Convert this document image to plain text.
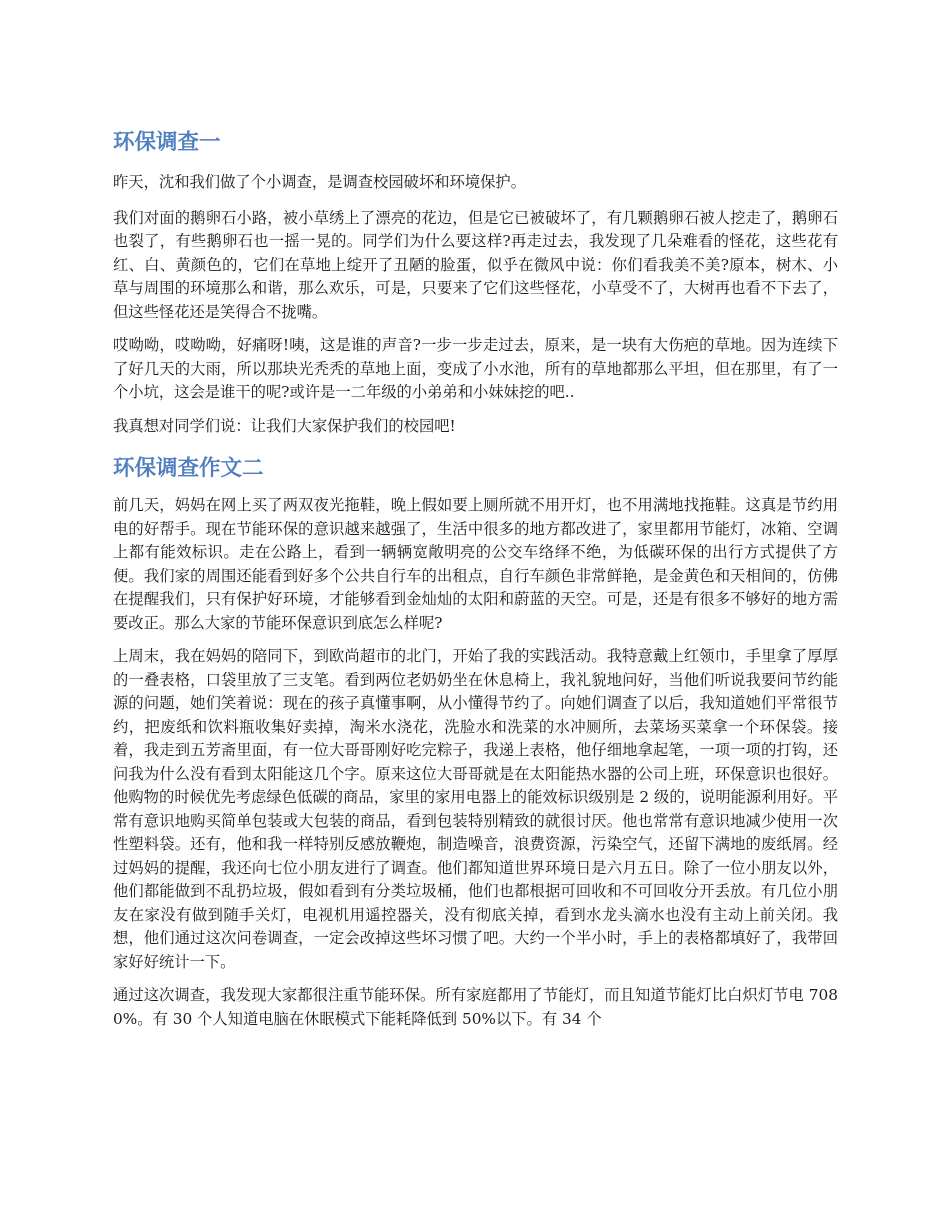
环保调查一

昨天，沈和我们做了个小调查，是调查校园破坏和环境保护。

我们对面的鹅卵石小路，被小草绣上了漂亮的花边，但是它已被破坏了，有几颗鹅卵石被人挖走了，鹅卵石也裂了，有些鹅卵石也一摇一晃的。同学们为什么要这样?再走过去，我发现了几朵难看的怪花，这些花有红、白、黄颜色的，它们在草地上绽开了丑陋的脸蛋，似乎在微风中说：你们看我美不美?原本，树木、小草与周围的环境那么和谐，那么欢乐，可是，只要来了它们这些怪花，小草受不了，大树再也看不下去了，但这些怪花还是笑得合不拢嘴。

哎呦呦，哎呦呦，好痛呀!咦，这是谁的声音?一步一步走过去，原来，是一块有大伤疤的草地。因为连续下了好几天的大雨，所以那块光秃秃的草地上面，变成了小水池，所有的草地都那么平坦，但在那里，有了一个小坑，这会是谁干的呢?或许是一二年级的小弟弟和小妹妹挖的吧..

我真想对同学们说：让我们大家保护我们的校园吧!

环保调查作文二

前几天，妈妈在网上买了两双夜光拖鞋，晚上假如要上厕所就不用开灯，也不用满地找拖鞋。这真是节约用电的好帮手。现在节能环保的意识越来越强了，生活中很多的地方都改进了，家里都用节能灯，冰箱、空调上都有能效标识。走在公路上，看到一辆辆宽敞明亮的公交车络绎不绝，为低碳环保的出行方式提供了方便。我们家的周围还能看到好多个公共自行车的出租点，自行车颜色非常鲜艳，是金黄色和天相间的，仿佛在提醒我们，只有保护好环境，才能够看到金灿灿的太阳和蔚蓝的天空。可是，还是有很多不够好的地方需要改正。那么大家的节能环保意识到底怎么样呢?

上周末，我在妈妈的陪同下，到欧尚超市的北门，开始了我的实践活动。我特意戴上红领巾，手里拿了厚厚的一叠表格，口袋里放了三支笔。看到两位老奶奶坐在休息椅上，我礼貌地问好，当他们听说我要问节约能源的问题，她们笑着说：现在的孩子真懂事啊，从小懂得节约了。向她们调查了以后，我知道她们平常很节约，把废纸和饮料瓶收集好卖掉，淘米水浇花，洗脸水和洗菜的水冲厕所，去菜场买菜拿一个环保袋。接着，我走到五芳斋里面，有一位大哥哥刚好吃完粽子，我递上表格，他仔细地拿起笔，一项一项的打钩，还问我为什么没有看到太阳能这几个字。原来这位大哥哥就是在太阳能热水器的公司上班，环保意识也很好。他购物的时候优先考虑绿色低碳的商品，家里的家用电器上的能效标识级别是 2 级的，说明能源利用好。平常有意识地购买简单包装或大包装的商品，看到包装特别精致的就很讨厌。他也常常有意识地减少使用一次性塑料袋。还有，他和我一样特别反感放鞭炮，制造噪音，浪费资源，污染空气，还留下满地的废纸屑。经过妈妈的提醒，我还向七位小朋友进行了调查。他们都知道世界环境日是六月五日。除了一位小朋友以外，他们都能做到不乱扔垃圾，假如看到有分类垃圾桶，他们也都根据可回收和不可回收分开丢放。有几位小朋友在家没有做到随手关灯，电视机用遥控器关，没有彻底关掉，看到水龙头滴水也没有主动上前关闭。我想，他们通过这次问卷调查，一定会改掉这些坏习惯了吧。大约一个半小时，手上的表格都填好了，我带回家好好统计一下。

通过这次调查，我发现大家都很注重节能环保。所有家庭都用了节能灯，而且知道节能灯比白炽灯节电 7080%。有 30 个人知道电脑在休眠模式下能耗降低到 50%以下。有 34 个
